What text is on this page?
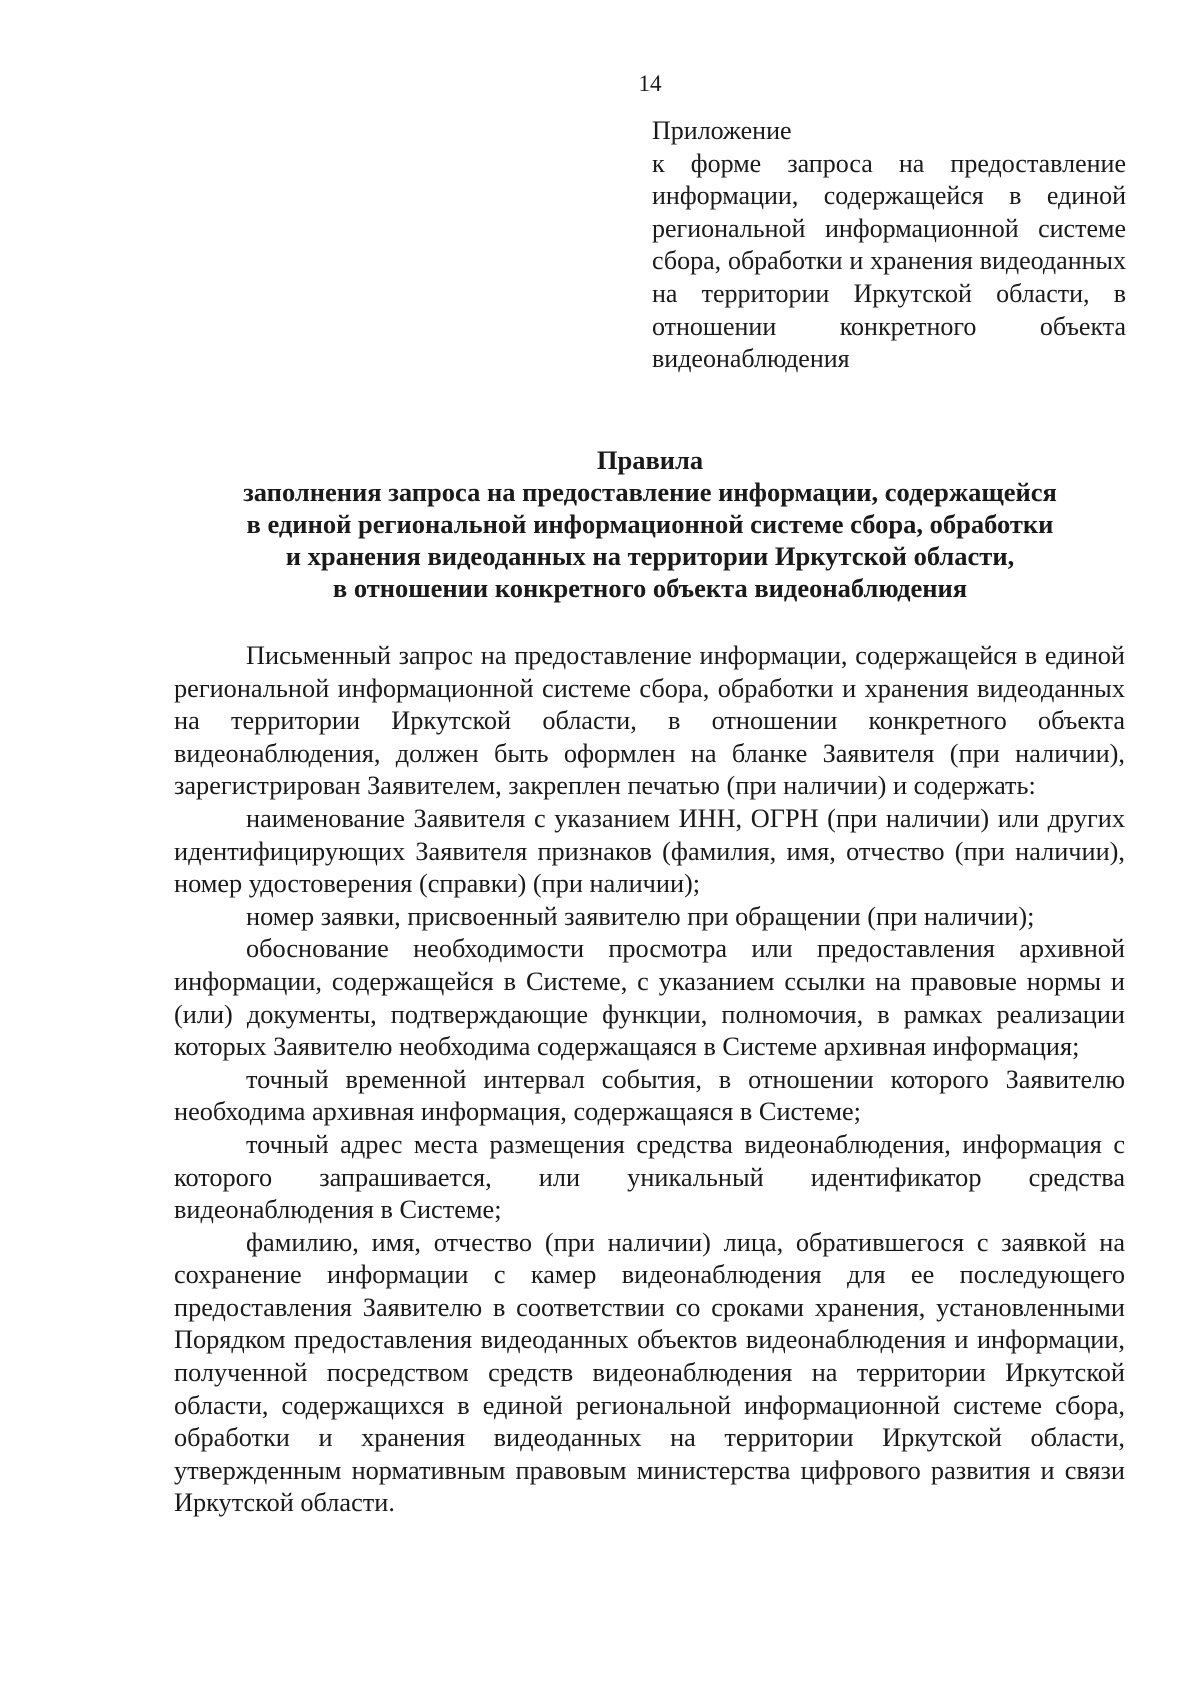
14
Приложение
к форме запроса на предоставление информации, содержащейся в единой региональной информационной системе сбора, обработки и хранения видеоданных на территории Иркутской области, в отношении конкретного объекта видеонаблюдения
Правила
заполнения запроса на предоставление информации, содержащейся
в единой региональной информационной системе сбора, обработки
и хранения видеоданных на территории Иркутской области,
в отношении конкретного объекта видеонаблюдения

Письменный запрос на предоставление информации, содержащейся в единой региональной информационной системе сбора, обработки и хранения видеоданных на территории Иркутской области, в отношении конкретного объекта видеонаблюдения, должен быть оформлен на бланке Заявителя (при наличии), зарегистрирован Заявителем, закреплен печатью (при наличии) и содержать:

наименование Заявителя с указанием ИНН, ОГРН (при наличии) или других идентифицирующих Заявителя признаков (фамилия, имя, отчество (при наличии), номер удостоверения (справки) (при наличии);

номер заявки, присвоенный заявителю при обращении (при наличии);

обоснование необходимости просмотра или предоставления архивной информации, содержащейся в Системе, с указанием ссылки на правовые нормы и (или) документы, подтверждающие функции, полномочия, в рамках реализации которых Заявителю необходима содержащаяся в Системе архивная информация;

точный временной интервал события, в отношении которого Заявителю необходима архивная информация, содержащаяся в Системе;

точный адрес места размещения средства видеонаблюдения, информация с которого запрашивается, или уникальный идентификатор средства видеонаблюдения в Системе;

фамилию, имя, отчество (при наличии) лица, обратившегося с заявкой на сохранение информации с камер видеонаблюдения для ее последующего предоставления Заявителю в соответствии со сроками хранения, установленными Порядком предоставления видеоданных объектов видеонаблюдения и информации, полученной посредством средств видеонаблюдения на территории Иркутской области, содержащихся в единой региональной информационной системе сбора, обработки и хранения видеоданных на территории Иркутской области, утвержденным нормативным правовым министерства цифрового развития и связи Иркутской области.
